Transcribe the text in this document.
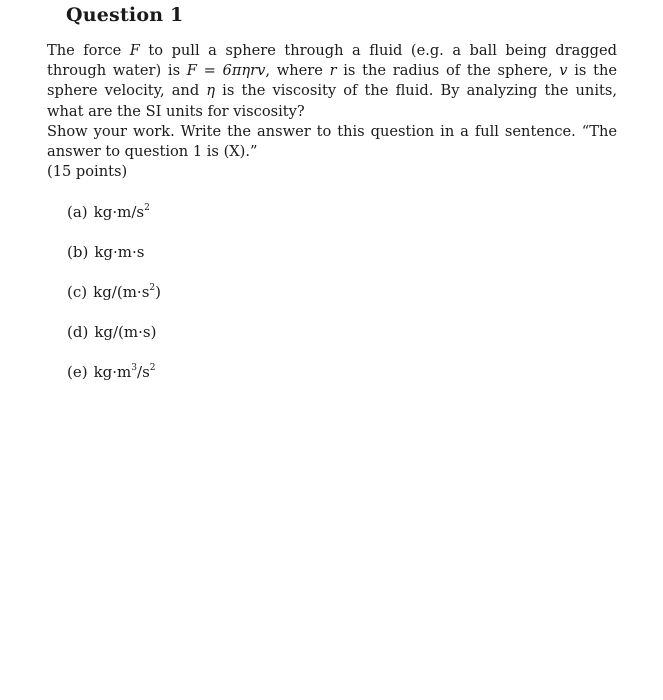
Question 1
The force F to pull a sphere through a fluid (e.g. a ball being dragged through water) is F = 6πηrv, where r is the radius of the sphere, v is the sphere velocity, and η is the viscosity of the fluid. By analyzing the units, what are the SI units for viscosity?
Show your work. Write the answer to this question in a full sentence. “The answer to question 1 is (X).”
(15 points)
(a) $kg\cdot m/s^2$
(b) kg·m·s
(c) $kg/(m\cdot s^2)$
(d) kg/(m·s)
(e) $kg\cdot m^3/s^2$
